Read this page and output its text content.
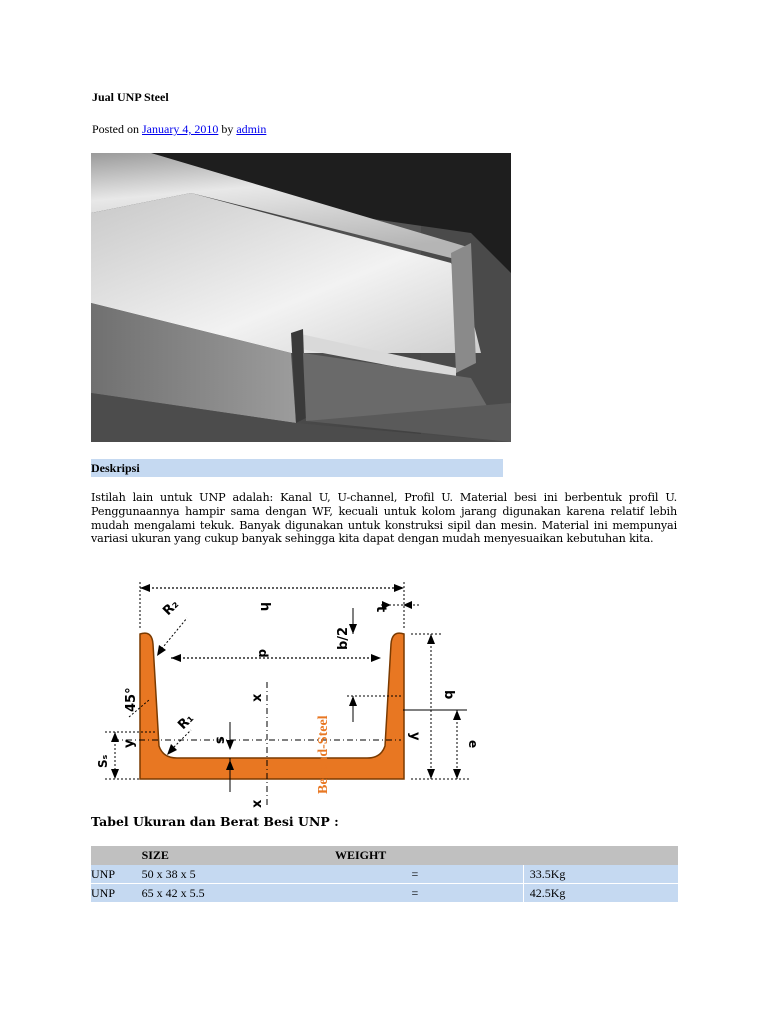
Jual UNP Steel
Posted on January 4, 2010 by admin
Deskripsi
Istilah lain untuk UNP adalah: Kanal U, U-channel, Profil U. Material besi ini berbentuk profil U. Penggunaannya hampir sama dengan WF, kecuali untuk kolom jarang digunakan karena relatif lebih mudah mengalami tekuk. Banyak digunakan untuk konstruksi sipil dan mesin. Material ini mempunyai variasi ukuran yang cukup banyak sehingga kita dapat dengan mudah menyesuaikan kebutuhan kita.
h	t
R₂
d
b/2
b
e
x
x
y
y
45°
R₁
s
Sₛ	Beyond-Steel
Tabel Ukuran dan Berat Besi UNP :
	SIZE	WEIGHT	
UNP	50 x 38 x 5	=	33.5Kg
UNP	65 x 42 x 5.5	=	42.5Kg
